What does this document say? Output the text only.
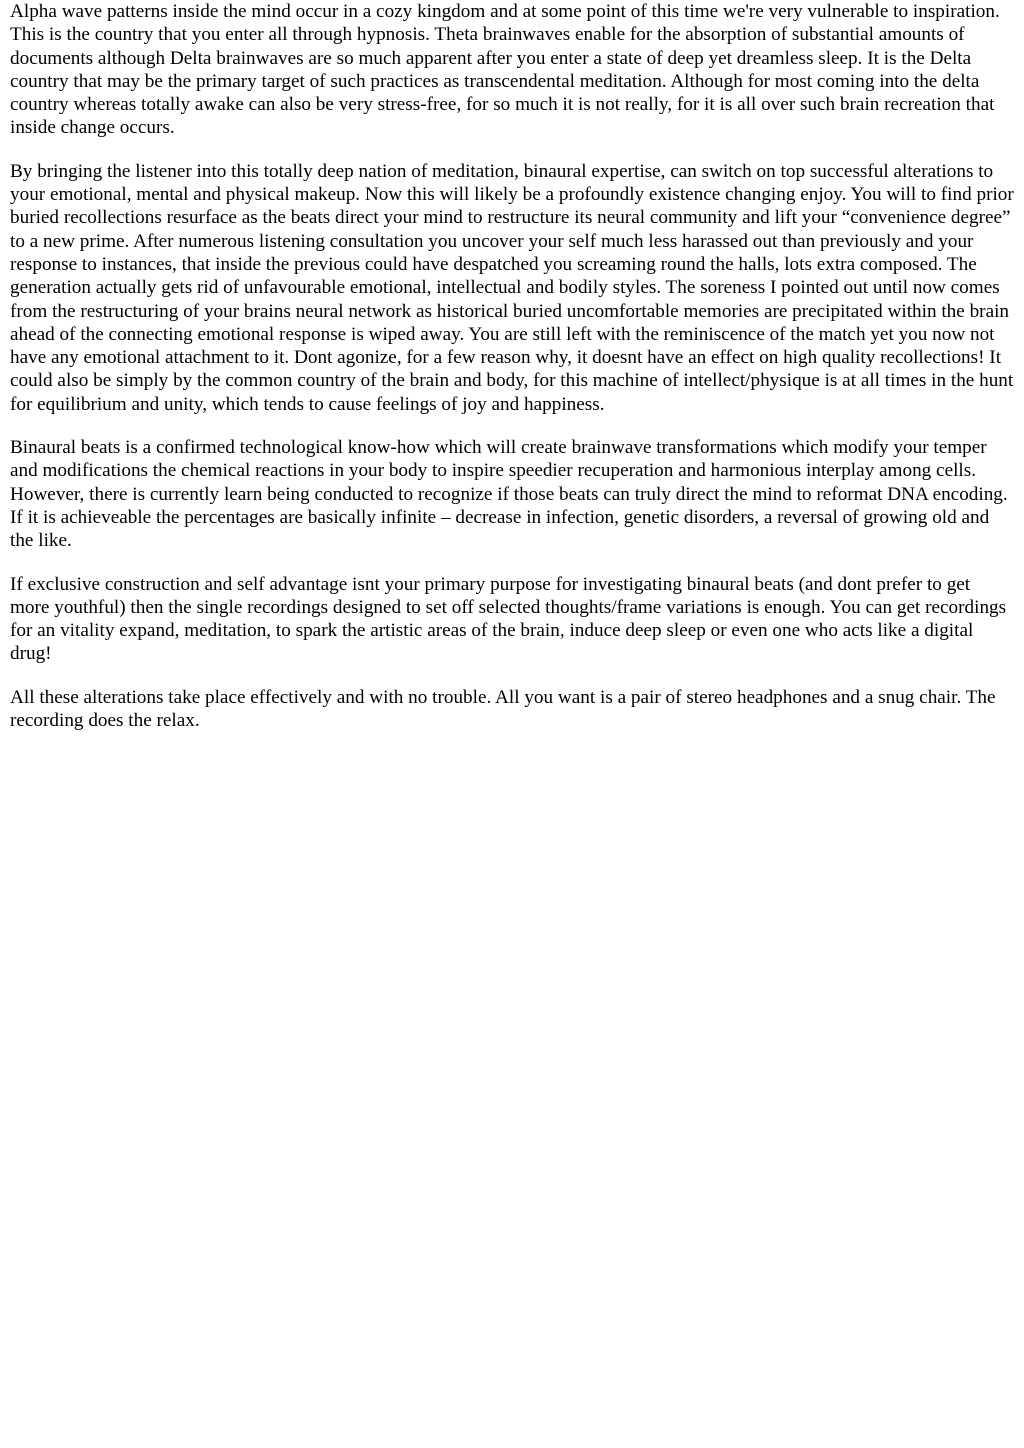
Alpha wave patterns inside the mind occur in a cozy kingdom and at some point of this time we're very vulnerable to inspiration. This is the country that you enter all through hypnosis. Theta brainwaves enable for the absorption of substantial amounts of documents although Delta brainwaves are so much apparent after you enter a state of deep yet dreamless sleep. It is the Delta country that may be the primary target of such practices as transcendental meditation. Although for most coming into the delta country whereas totally awake can also be very stress-free, for so much it is not really, for it is all over such brain recreation that inside change occurs.

By bringing the listener into this totally deep nation of meditation, binaural expertise, can switch on top successful alterations to your emotional, mental and physical makeup. Now this will likely be a profoundly existence changing enjoy. You will to find prior buried recollections resurface as the beats direct your mind to restructure its neural community and lift your “convenience degree” to a new prime. After numerous listening consultation you uncover your self much less harassed out than previously and your response to instances, that inside the previous could have despatched you screaming round the halls, lots extra composed. The generation actually gets rid of unfavourable emotional, intellectual and bodily styles. The soreness I pointed out until now comes from the restructuring of your brains neural network as historical buried uncomfortable memories are precipitated within the brain ahead of the connecting emotional response is wiped away. You are still left with the reminiscence of the match yet you now not have any emotional attachment to it. Dont agonize, for a few reason why, it doesnt have an effect on high quality recollections! It could also be simply by the common country of the brain and body, for this machine of intellect/physique is at all times in the hunt for equilibrium and unity, which tends to cause feelings of joy and happiness.

Binaural beats is a confirmed technological know-how which will create brainwave transformations which modify your temper and modifications the chemical reactions in your body to inspire speedier recuperation and harmonious interplay among cells. However, there is currently learn being conducted to recognize if those beats can truly direct the mind to reformat DNA encoding. If it is achieveable the percentages are basically infinite – decrease in infection, genetic disorders, a reversal of growing old and the like.

If exclusive construction and self advantage isnt your primary purpose for investigating binaural beats (and dont prefer to get more youthful) then the single recordings designed to set off selected thoughts/frame variations is enough. You can get recordings for an vitality expand, meditation, to spark the artistic areas of the brain, induce deep sleep or even one who acts like a digital drug!

All these alterations take place effectively and with no trouble. All you want is a pair of stereo headphones and a snug chair. The recording does the relax.
